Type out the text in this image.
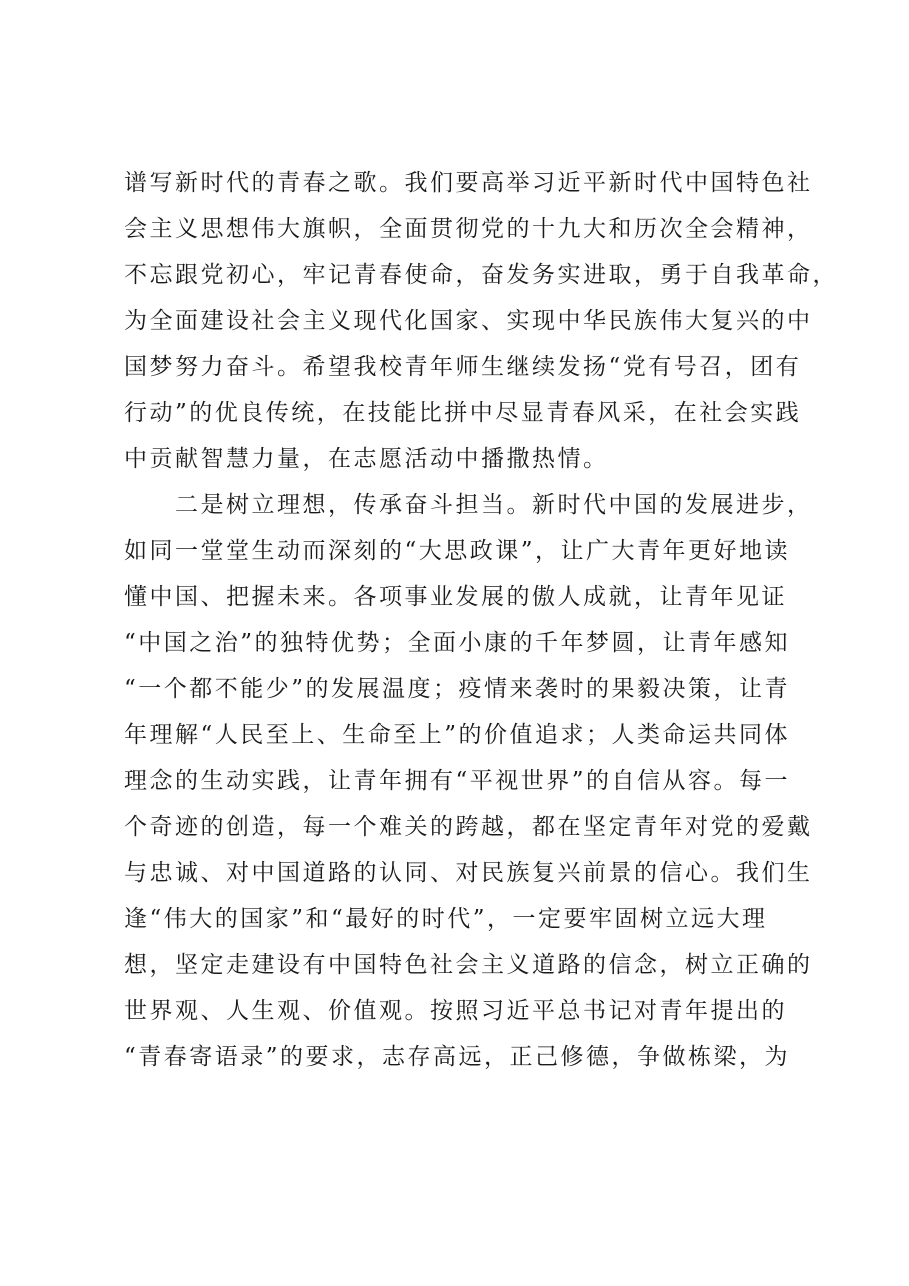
谱写新时代的青春之歌。我们要高举习近平新时代中国特色社
会主义思想伟大旗帜，全面贯彻党的十九大和历次全会精神，
不忘跟党初心，牢记青春使命，奋发务实进取，勇于自我革命，
为全面建设社会主义现代化国家、实现中华民族伟大复兴的中
国梦努力奋斗。希望我校青年师生继续发扬“党有号召，团有
行动”的优良传统，在技能比拼中尽显青春风采，在社会实践
中贡献智慧力量，在志愿活动中播撒热情。
　　二是树立理想，传承奋斗担当。新时代中国的发展进步，
如同一堂堂生动而深刻的“大思政课”，让广大青年更好地读
懂中国、把握未来。各项事业发展的傲人成就，让青年见证
“中国之治”的独特优势；全面小康的千年梦圆，让青年感知
“一个都不能少”的发展温度；疫情来袭时的果毅决策，让青
年理解“人民至上、生命至上”的价值追求；人类命运共同体
理念的生动实践，让青年拥有“平视世界”的自信从容。每一
个奇迹的创造，每一个难关的跨越，都在坚定青年对党的爱戴
与忠诚、对中国道路的认同、对民族复兴前景的信心。我们生
逢“伟大的国家”和“最好的时代”，一定要牢固树立远大理
想，坚定走建设有中国特色社会主义道路的信念，树立正确的
世界观、人生观、价值观。按照习近平总书记对青年提出的
“青春寄语录”的要求，志存高远，正己修德，争做栋梁，为
